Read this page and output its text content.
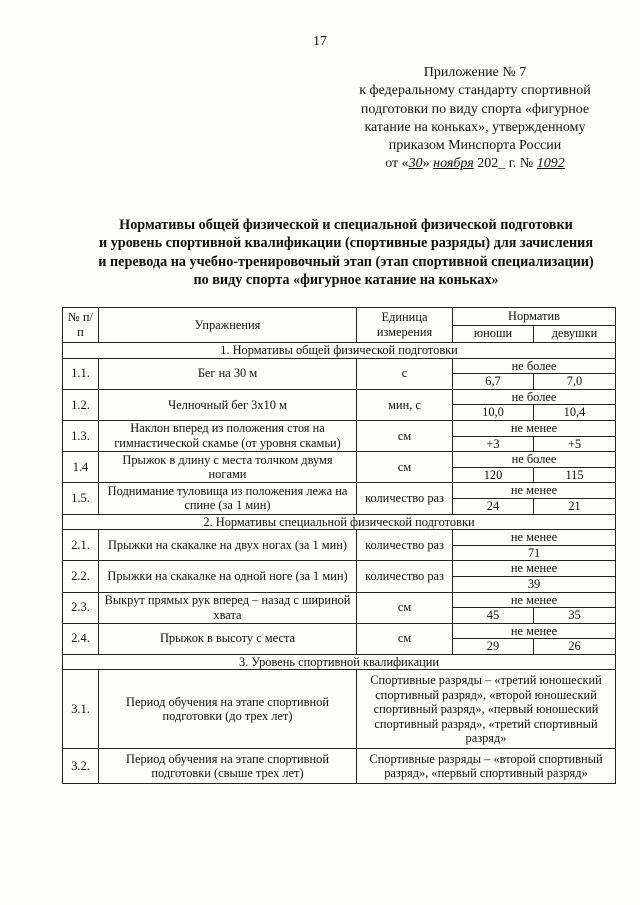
17
Приложение № 7
к федеральному стандарту спортивной
подготовки по виду спорта «фигурное
катание на коньках», утвержденному
приказом Минспорта России
от «30» ноября 202_ г. № 1092
Нормативы общей физической и специальной физической подготовки
и уровень спортивной квалификации (спортивные разряды) для зачисления
и перевода на учебно-тренировочный этап (этап спортивной специализации)
по виду спорта «фигурное катание на коньках»
№ п/п	Упражнения	Единица измерения	Норматив	
			юноши	девушки
1. Нормативы общей физической подготовки				
1.1.	Бег на 30 м	с	не более	
			6,7	7,0
1.2.	Челночный бег 3х10 м	мин, с	не более	
			10,0	10,4
1.3.	Наклон вперед из положения стоя на гимнастической скамье (от уровня скамьи)	см	не менее	
			+3	+5
1.4	Прыжок в длину с места толчком двумя ногами	см	не более	
			120	115
1.5.	Поднимание туловища из положения лежа на спине (за 1 мин)	количество раз	не менее	
			24	21
2. Нормативы специальной физической подготовки				
2.1.	Прыжки на скакалке на двух ногах (за 1 мин)	количество раз	не менее	
			71	
2.2.	Прыжки на скакалке на одной ноге (за 1 мин)	количество раз	не менее	
			39	
2.3.	Выкрут прямых рук вперед – назад с шириной хвата	см	не менее	
			45	35
2.4.	Прыжок в высоту с места	см	не менее	
			29	26
3. Уровень спортивной квалификации				
3.1.	Период обучения на этапе спортивной подготовки (до трех лет)	Спортивные разряды – «третий юношеский спортивный разряд», «второй юношеский спортивный разряд», «первый юношеский спортивный разряд», «третий спортивный разряд»		
3.2.	Период обучения на этапе спортивной подготовки (свыше трех лет)	Спортивные разряды – «второй спортивный разряд», «первый спортивный разряд»		
